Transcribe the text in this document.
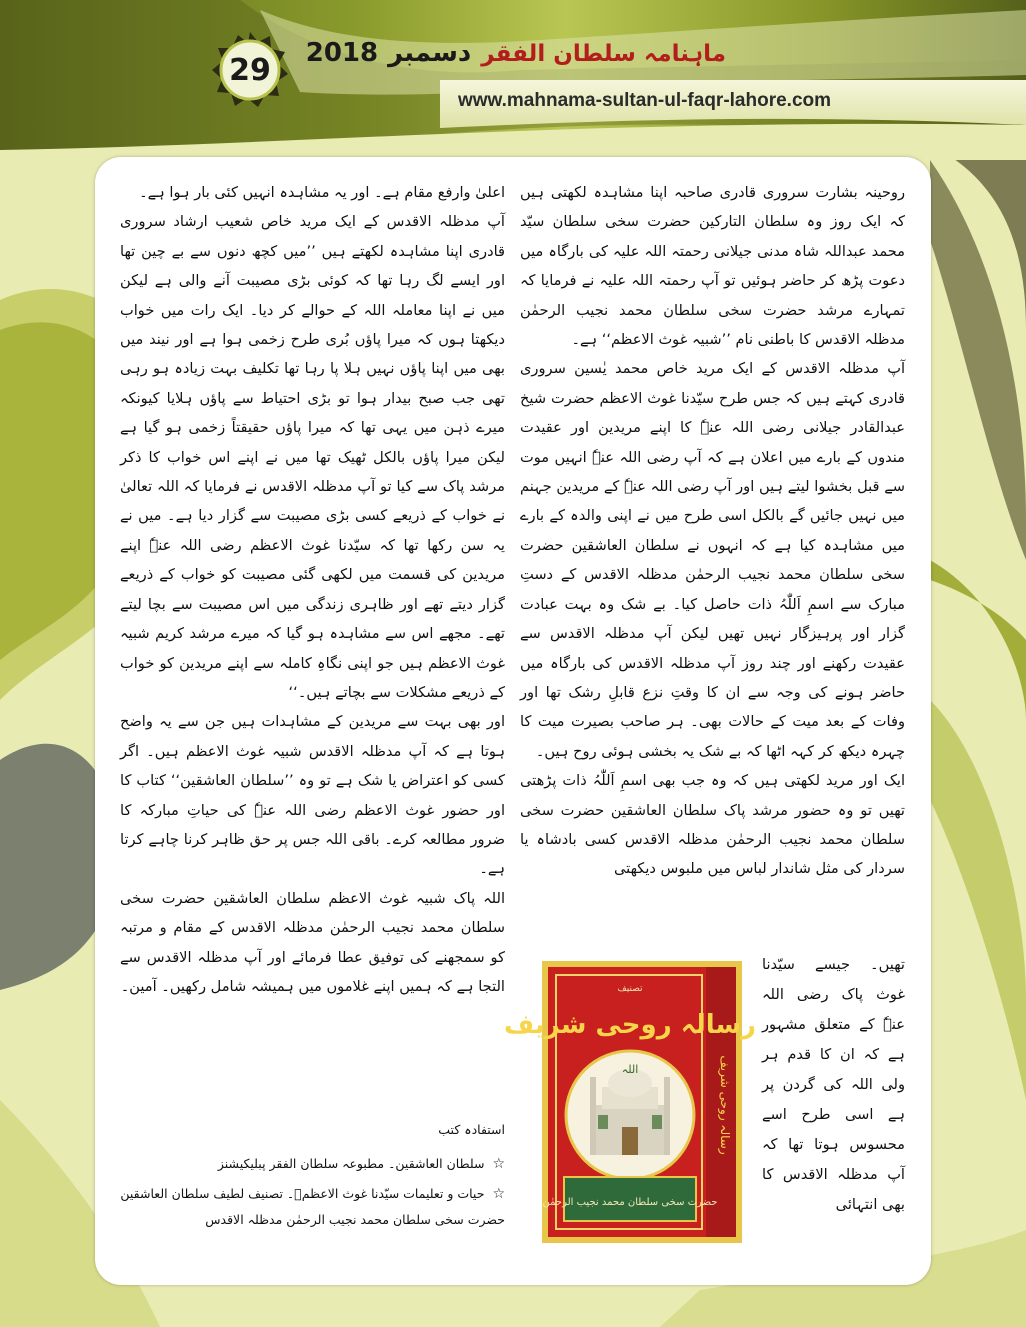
29	ماہنامہ سلطان الفقر
دسمبر
2018
www.mahnama-sultan-ul-faqr-lahore.com

روحینہ بشارت سروری قادری صاحبہ اپنا مشاہدہ لکھتی ہیں کہ ایک روز وہ سلطان التارکین حضرت سخی سلطان سیّد محمد عبداللہ شاہ مدنی جیلانی رحمتہ اللہ علیہ کی بارگاہ میں دعوت پڑھ کر حاضر ہوئیں تو آپ رحمتہ اللہ علیہ نے فرمایا کہ تمہارے مرشد حضرت سخی سلطان محمد نجیب الرحمٰن مدظلہ الاقدس کا باطنی نام ’’شبیہ غوث الاعظم‘‘ ہے۔

آپ مدظلہ الاقدس کے ایک مرید خاص محمد یٰسین سروری قادری کہتے ہیں کہ جس طرح سیّدنا غوث الاعظم حضرت شیخ عبدالقادر جیلانی رضی اللہ عنہٗ کا اپنے مریدین اور عقیدت مندوں کے بارے میں اعلان ہے کہ آپ رضی اللہ عنہٗ انہیں موت سے قبل بخشوا لیتے ہیں اور آپ رضی اللہ عنہٗ کے مریدین جہنم میں نہیں جائیں گے بالکل اسی طرح میں نے اپنی والدہ کے بارے میں مشاہدہ کیا ہے کہ انہوں نے سلطان العاشقین حضرت سخی سلطان محمد نجیب الرحمٰن مدظلہ الاقدس کے دستِ مبارک سے اسمِ اَللّٰہُ ذات حاصل کیا۔ بے شک وہ بہت عبادت گزار اور پرہیزگار نہیں تھیں لیکن آپ مدظلہ الاقدس سے عقیدت رکھنے اور چند روز آپ مدظلہ الاقدس کی بارگاہ میں حاضر ہونے کی وجہ سے ان کا وقتِ نزع قابلِ رشک تھا اور وفات کے بعد میت کے حالات بھی۔ ہر صاحب بصیرت میت کا چہرہ دیکھ کر کہہ اٹھا کہ بے شک یہ بخشی ہوئی روح ہیں۔

ایک اور مرید لکھتی ہیں کہ وہ جب بھی اسمِ اَللّٰہُ ذات پڑھتی تھیں تو وہ حضور مرشد پاک سلطان العاشقین حضرت سخی سلطان محمد نجیب الرحمٰن مدظلہ الاقدس کسی بادشاہ یا سردار کی مثل شاندار لباس میں ملبوس دیکھتی

تھیں۔ جیسے سیّدنا غوث پاک رضی اللہ عنہٗ کے متعلق مشہور ہے کہ ان کا قدم ہر ولی اللہ کی گردن پر ہے اسی طرح اسے محسوس ہوتا تھا کہ آپ مدظلہ الاقدس کا بھی انتہائی

اعلیٰ وارفع مقام ہے۔ اور یہ مشاہدہ انہیں کئی بار ہوا ہے۔

آپ مدظلہ الاقدس کے ایک مرید خاص شعیب ارشاد سروری قادری اپنا مشاہدہ لکھتے ہیں ’’میں کچھ دنوں سے بے چین تھا اور ایسے لگ رہا تھا کہ کوئی بڑی مصیبت آنے والی ہے لیکن میں نے اپنا معاملہ اللہ کے حوالے کر دیا۔ ایک رات میں خواب دیکھتا ہوں کہ میرا پاؤں بُری طرح زخمی ہوا ہے اور نیند میں بھی میں اپنا پاؤں نہیں ہلا پا رہا تھا تکلیف بہت زیادہ ہو رہی تھی جب صبح بیدار ہوا تو بڑی احتیاط سے پاؤں ہلایا کیونکہ میرے ذہن میں یہی تھا کہ میرا پاؤں حقیقتاً زخمی ہو گیا ہے لیکن میرا پاؤں بالکل ٹھیک تھا میں نے اپنے اس خواب کا ذکر مرشد پاک سے کیا تو آپ مدظلہ الاقدس نے فرمایا کہ اللہ تعالیٰ نے خواب کے ذریعے کسی بڑی مصیبت سے گزار دیا ہے۔ میں نے یہ سن رکھا تھا کہ سیّدنا غوث الاعظم رضی اللہ عنہٗ اپنے مریدین کی قسمت میں لکھی گئی مصیبت کو خواب کے ذریعے گزار دیتے تھے اور ظاہری زندگی میں اس مصیبت سے بچا لیتے تھے۔ مجھے اس سے مشاہدہ ہو گیا کہ میرے مرشد کریم شبیہ غوث الاعظم ہیں جو اپنی نگاہِ کاملہ سے اپنے مریدین کو خواب کے ذریعے مشکلات سے بچاتے ہیں۔‘‘

اور بھی بہت سے مریدین کے مشاہدات ہیں جن سے یہ واضح ہوتا ہے کہ آپ مدظلہ الاقدس شبیہ غوث الاعظم ہیں۔ اگر کسی کو اعتراض یا شک ہے تو وہ ’’سلطان العاشقین‘‘ کتاب کا اور حضور غوث الاعظم رضی اللہ عنہٗ کی حیاتِ مبارکہ کا ضرور مطالعہ کرے۔ باقی اللہ جس پر حق ظاہر کرنا چاہے کرتا ہے۔

اللہ پاک شبیہ غوث الاعظم سلطان العاشقین حضرت سخی سلطان محمد نجیب الرحمٰن مدظلہ الاقدس کے مقام و مرتبہ کو سمجھنے کی توفیق عطا فرمائے اور آپ مدظلہ الاقدس سے التجا ہے کہ ہمیں اپنے غلاموں میں ہمیشہ شامل رکھیں۔ آمین۔

استفادہ کتب
☆سلطان العاشقین۔ مطبوعہ سلطان الفقر پبلیکیشنز
☆حیات و تعلیمات سیّدنا غوث الاعظمؓ۔ تصنیف لطیف سلطان العاشقین حضرت سخی سلطان محمد نجیب الرحمٰن مدظلہ الاقدس
تصنیف
رسالہ روحی شریف
اللہ
حضرت سخی سلطان محمد نجیب الرحمٰن
رسالہ روحی شریف
